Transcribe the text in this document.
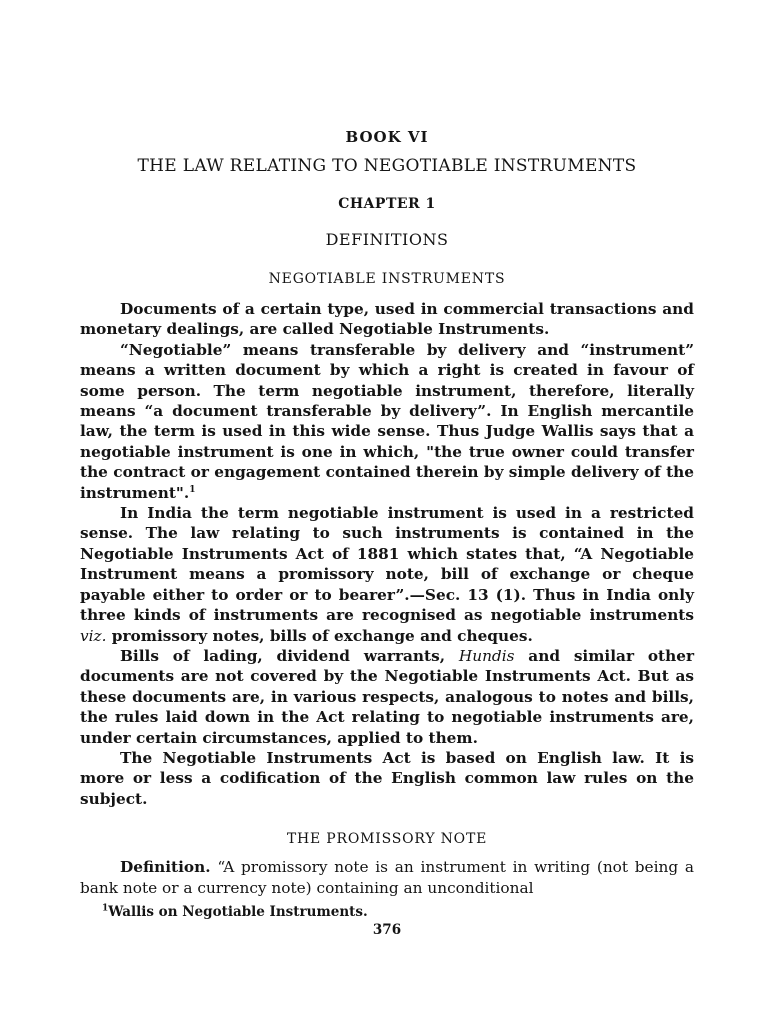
BOOK VI
THE LAW RELATING TO NEGOTIABLE INSTRUMENTS
CHAPTER 1
DEFINITIONS
NEGOTIABLE INSTRUMENTS

Documents of a certain type, used in commercial transactions and monetary dealings, are called Negotiable Instruments.

“Negotiable” means transferable by delivery and “instrument” means a written document by which a right is created in favour of some person. The term negotiable instrument, therefore, literally means “a document transferable by delivery”. In English mercantile law, the term is used in this wide sense. Thus Judge Wallis says that a negotiable instrument is one in which, "the true owner could transfer the contract or engagement contained therein by simple delivery of the instrument".$^1$

In India the term negotiable instrument is used in a restricted sense. The law relating to such instruments is contained in the Negotiable Instruments Act of 1881 which states that, “A Negotiable Instrument means a promissory note, bill of exchange or cheque payable either to order or to bearer”.—Sec. 13 (1). Thus in India only three kinds of instruments are recognised as negotiable instruments viz. promissory notes, bills of exchange and cheques.

Bills of lading, dividend warrants, Hundis and similar other documents are not covered by the Negotiable Instruments Act. But as these documents are, in various respects, analogous to notes and bills, the rules laid down in the Act relating to negotiable instruments are, under certain circumstances, applied to them.

The Negotiable Instruments Act is based on English law. It is more or less a codification of the English common law rules on the subject.

THE PROMISSORY NOTE

Definition. “A promissory note is an instrument in writing (not being a bank note or a currency note) containing an unconditional

$^1$Wallis on Negotiable Instruments.
376
